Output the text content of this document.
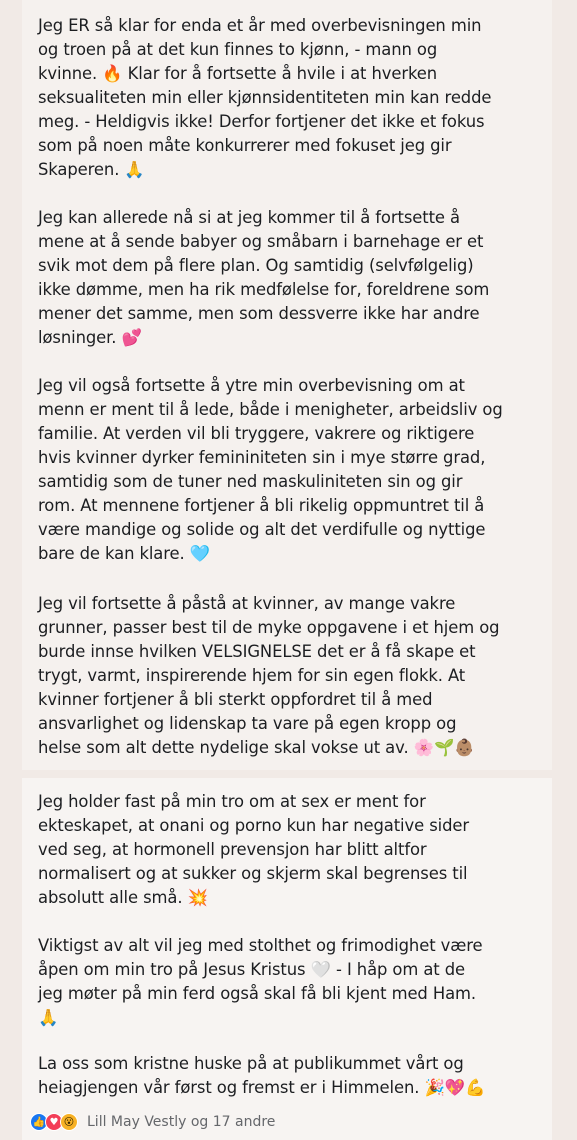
Jeg ER så klar for enda et år med overbevisningen min
og troen på at det kun finnes to kjønn, - mann og
kvinne. 🔥 Klar for å fortsette å hvile i at hverken
seksualiteten min eller kjønnsidentiteten min kan redde
meg. - Heldigvis ikke! Derfor fortjener det ikke et fokus
som på noen måte konkurrerer med fokuset jeg gir
Skaperen. 🙏

Jeg kan allerede nå si at jeg kommer til å fortsette å
mene at å sende babyer og småbarn i barnehage er et
svik mot dem på flere plan. Og samtidig (selvfølgelig)
ikke dømme, men ha rik medfølelse for, foreldrene som
mener det samme, men som dessverre ikke har andre
løsninger. 💕

Jeg vil også fortsette å ytre min overbevisning om at
menn er ment til å lede, både i menigheter, arbeidsliv og
familie. At verden vil bli tryggere, vakrere og riktigere
hvis kvinner dyrker femininiteten sin i mye større grad,
samtidig som de tuner ned maskuliniteten sin og gir
rom. At mennene fortjener å bli rikelig oppmuntret til å
være mandige og solide og alt det verdifulle og nyttige
bare de kan klare. 🩵

Jeg vil fortsette å påstå at kvinner, av mange vakre
grunner, passer best til de myke oppgavene i et hjem og
burde innse hvilken VELSIGNELSE det er å få skape et
trygt, varmt, inspirerende hjem for sin egen flokk. At
kvinner fortjener å bli sterkt oppfordret til å med
ansvarlighet og lidenskap ta vare på egen kropp og
helse som alt dette nydelige skal vokse ut av. 🌸🌱👶🏽

Jeg holder fast på min tro om at sex er ment for
ekteskapet, at onani og porno kun har negative sider
ved seg, at hormonell prevensjon har blitt altfor
normalisert og at sukker og skjerm skal begrenses til
absolutt alle små. 💥

Viktigst av alt vil jeg med stolthet og frimodighet være
åpen om min tro på Jesus Kristus 🤍 - I håp om at de
jeg møter på min ferd også skal få bli kjent med Ham.
🙏

La oss som kristne huske på at publikummet vårt og
heiagjengen vår først og fremst er i Himmelen. 🎉💖💪

👍 ♥ 😮 Lill May Vestly og 17 andre
